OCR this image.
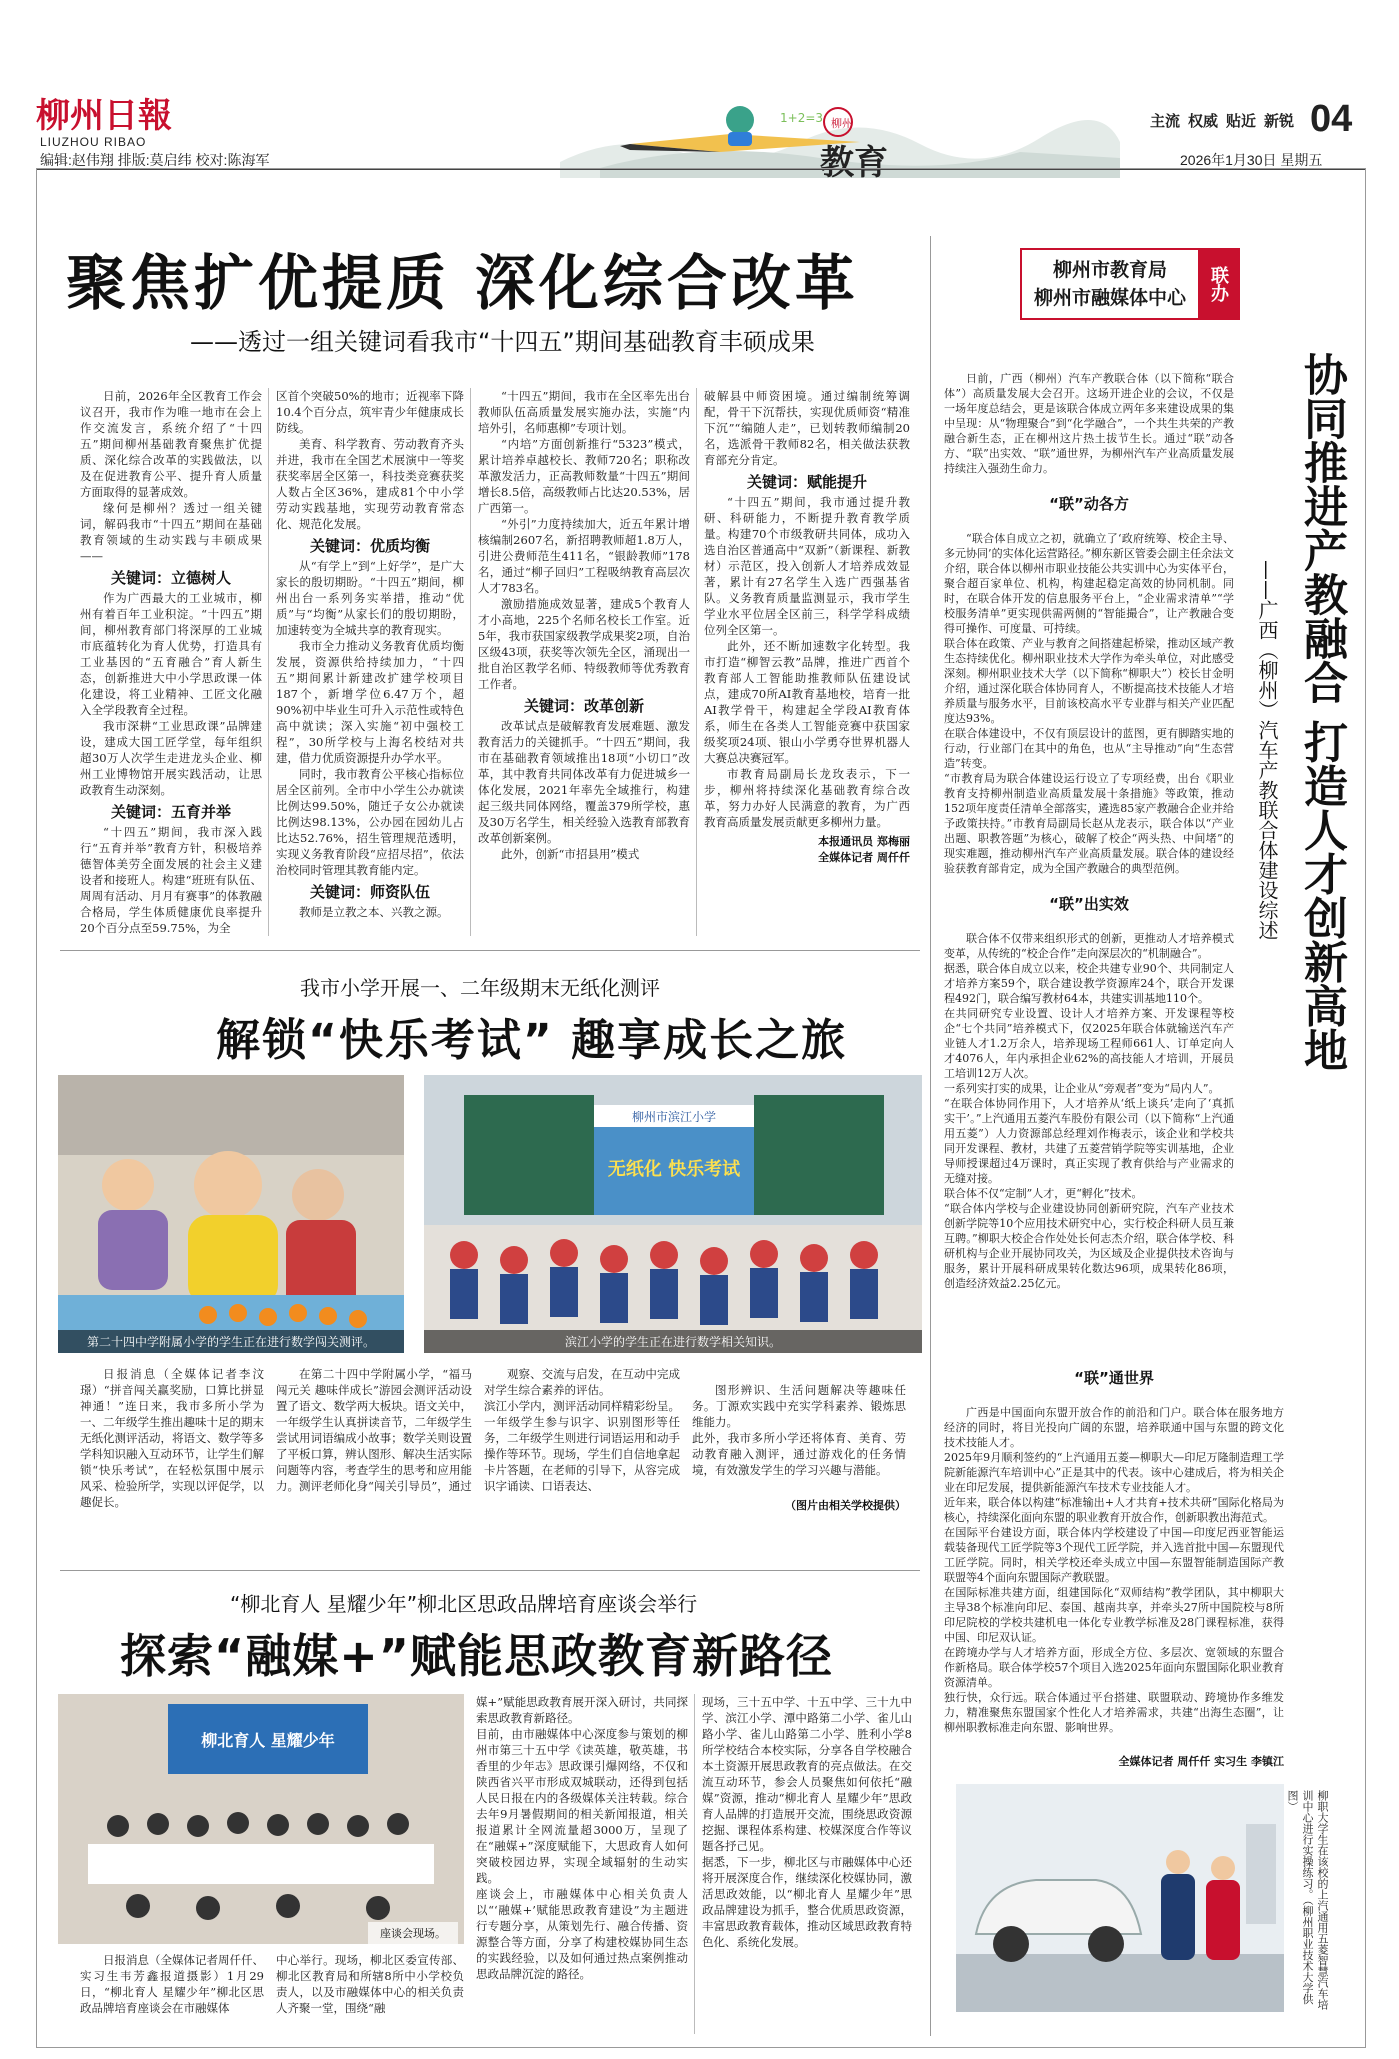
柳州日報
LIUZHOU RIBAO
1+2=3 柳州
教育
主流 权威 贴近 新锐 04
编辑:赵伟翔 排版:莫启纬 校对:陈海军	2026年1月30日 星期五
聚焦扩优提质 深化综合改革
——透过一组关键词看我市“十四五”期间基础教育丰硕成果
柳州市教育局
柳州市融媒体中心 联办

日前，2026年全区教育工作会议召开，我市作为唯一地市在会上作交流发言，系统介绍了“十四五”期间柳州基础教育聚焦扩优提质、深化综合改革的实践做法，以及在促进教育公平、提升育人质量方面取得的显著成效。

缘何是柳州？透过一组关键词，解码我市“十四五”期间在基础教育领域的生动实践与丰硕成果——

关键词：立德树人

作为广西最大的工业城市，柳州有着百年工业积淀。“十四五”期间，柳州教育部门将深厚的工业城市底蕴转化为育人优势，打造具有工业基因的“五育融合”育人新生态，创新推进大中小学思政课一体化建设，将工业精神、工匠文化融入全学段教育全过程。

我市深耕“工业思政课”品牌建设，建成大国工匠学堂，每年组织超30万人次学生走进龙头企业、柳州工业博物馆开展实践活动，让思政教育生动深刻。

关键词：五育并举

“十四五”期间，我市深入践行“五育并举”教育方针，积极培养德智体美劳全面发展的社会主义建设者和接班人。构建“班班有队伍、周周有活动、月月有赛事”的体教融合格局，学生体质健康优良率提升20个百分点至59.75%，为全

区首个突破50%的地市；近视率下降10.4个百分点，筑牢青少年健康成长防线。

美育、科学教育、劳动教育齐头并进，我市在全国艺术展演中一等奖获奖率居全区第一，科技类竞赛获奖人数占全区36%，建成81个中小学劳动实践基地，实现劳动教育常态化、规范化发展。

关键词：优质均衡

从“有学上”到“上好学”，是广大家长的殷切期盼。“十四五”期间，柳州出台一系列务实举措，推动“优质”与“均衡”从家长们的殷切期盼，加速转变为全城共享的教育现实。

我市全力推动义务教育优质均衡发展，资源供给持续加力，“十四五”期间累计新建改扩建学校项目187个，新增学位6.47万个，超90%初中毕业生可升入示范性或特色高中就读；深入实施“初中强校工程”，30所学校与上海名校结对共建，借力优质资源提升办学水平。

同时，我市教育公平核心指标位居全区前列。全市中小学生公办就读比例达99.50%，随迁子女公办就读比例达98.13%，公办园在园幼儿占比达52.76%，招生管理规范透明，实现义务教育阶段“应招尽招”，依法治校同时管理其教育能内定。

关键词：师资队伍

教师是立教之本、兴教之源。

“十四五”期间，我市在全区率先出台教师队伍高质量发展实施办法，实施“内培外引，名师惠柳”专项计划。

“内培”方面创新推行“5323”模式，累计培养卓越校长、教师720名；职称改革激发活力，正高教师数量“十四五”期间增长8.5倍，高级教师占比达20.53%，居广西第一。

“外引”力度持续加大，近五年累计增核编制2607名，新招聘教师超1.8万人，引进公费师范生411名，“银龄教师”178名，通过“柳子回归”工程吸纳教育高层次人才783名。

激励措施成效显著，建成5个教育人才小高地，225个名师名校长工作室。近5年，我市获国家级教学成果奖2项，自治区级43项，获奖等次领先全区，涌现出一批自治区教学名师、特级教师等优秀教育工作者。

关键词：改革创新

改革试点是破解教育发展难题、激发教育活力的关键抓手。“十四五”期间，我市在基础教育领域推出18项“小切口”改革，其中教育共同体改革有力促进城乡一体化发展，2021年率先全域推行，构建起三级共同体网络，覆盖379所学校，惠及30万名学生，相关经验入选教育部教育改革创新案例。

此外，创新“市招县用”模式

破解县中师资困境。通过编制统筹调配，骨干下沉帮扶，实现优质师资“精准下沉”“编随人走”，已划转教师编制20名，选派骨干教师82名，相关做法获教育部充分肯定。

关键词：赋能提升

“十四五”期间，我市通过提升教研、科研能力，不断提升教育教学质量。构建70个市级教研共同体，成功入选自治区普通高中“双新”（新课程、新教材）示范区，投入创新人才培养成效显著，累计有27名学生入选广西强基省队。义务教育质量监测显示，我市学生学业水平位居全区前三，科学学科成绩位列全区第一。

此外，还不断加速数字化转型。我市打造“柳智云教”品牌，推进广西首个教育部人工智能助推教师队伍建设试点，建成70所AI教育基地校，培育一批AI教学骨干，构建起全学段AI教育体系，师生在各类人工智能竞赛中获国家级奖项24项、银山小学勇夺世界机器人大赛总决赛冠军。

市教育局副局长龙玫表示，下一步，柳州将持续深化基础教育综合改革，努力办好人民满意的教育，为广西教育高质量发展贡献更多柳州力量。

本报通讯员 郑梅丽
全媒体记者 周仟仟
我市小学开展一、二年级期末无纸化测评
解锁“快乐考试” 趣享成长之旅
第二十四中学附属小学的学生正在进行数学闯关测评。
柳州市滨江小学
无纸化 快乐考试
滨江小学的学生正在进行数学相关知识。

日报消息（全媒体记者李汶璟）“拼音闯关赢奖励，口算比拼显神通！”连日来，我市多所小学为一、二年级学生推出趣味十足的期末无纸化测评活动，将语文、数学等多学科知识融入互动环节，让学生们解锁“快乐考试”，在轻松氛围中展示风采、检验所学，实现以评促学，以趣促长。

在第二十四中学附属小学，“福马闯元关 趣味伴成长”游园会测评活动设置了语文、数学两大板块。语文关中，一年级学生认真拼读音节，二年级学生尝试用词语编成小故事；数学关则设置了平板口算，辨认图形、解决生活实际问题等内容，考查学生的思考和应用能力。测评老师化身“闯关引导员”，通过

观察、交流与启发，在互动中完成对学生综合素养的评估。
滨江小学内，测评活动同样精彩纷呈。一年级学生参与识字、识别图形等任务，二年级学生则进行词语运用和动手操作等环节。现场，学生们自信地拿起卡片答题，在老师的引导下，从容完成识字诵读、口语表达、

图形辨识、生活问题解决等趣味任务。丁源欢实践中充实学科素养、锻炼思维能力。
此外，我市多所小学还将体育、美育、劳动教育融入测评，通过游戏化的任务情境，有效激发学生的学习兴趣与潜能。

（图片由相关学校提供）

“柳北育人 星耀少年”柳北区思政品牌培育座谈会举行
探索“融媒+”赋能思政教育新路径
柳北育人 星耀少年
座谈会现场。

日报消息（全媒体记者周仟仟、实习生韦芳鑫报道摄影）1月29日，“柳北育人 星耀少年”柳北区思政品牌培育座谈会在市融媒体

中心举行。现场，柳北区委宣传部、柳北区教育局和所辖8所中小学校负责人，以及市融媒体中心的相关负责人齐聚一堂，围绕“融

媒+”赋能思政教育展开深入研讨，共同探索思政教育新路径。
目前，由市融媒体中心深度参与策划的柳州市第三十五中学《读英雄，敬英雄，书香里的少年志》思政课引爆网络，不仅和陕西省兴平市形成双城联动，还得到包括人民日报在内的各级媒体关注转载。综合去年9月暑假期间的相关新闻报道，相关报道累计全网流量超3000万，呈现了在“融媒+”深度赋能下，大思政育人如何突破校园边界，实现全域辐射的生动实践。
座谈会上，市融媒体中心相关负责人以“‘融媒+’赋能思政教育建设”为主题进行专题分享，从策划先行、融合传播、资源整合等方面，分享了构建校媒协同生态的实践经验，以及如何通过热点案例推动思政品牌沉淀的路径。

现场，三十五中学、十五中学、三十九中学、滨江小学、潭中路第二小学、雀儿山路小学、雀儿山路第二小学、胜利小学8所学校结合本校实际，分享各自学校融合本土资源开展思政教育的亮点做法。在交流互动环节，参会人员聚焦如何依托“融媒”资源，推动“柳北育人 星耀少年”思政育人品牌的打造展开交流，围绕思政资源挖掘、课程体系构建、校媒深度合作等议题各抒己见。
据悉，下一步，柳北区与市融媒体中心还将开展深度合作，继续深化校媒协同，激活思政效能，以“柳北育人 星耀少年”思政品牌建设为抓手，整合优质思政资源，丰富思政教育载体，推动区域思政教育特色化、系统化发展。

协同推进产教融合 打造人才创新高地
——广西（柳州）汽车产教联合体建设综述

日前，广西（柳州）汽车产教联合体（以下简称“联合体”）高质量发展大会召开。这场开进企业的会议，不仅是一场年度总结会，更是该联合体成立两年多来建设成果的集中呈现：从“物理聚合”到“化学融合”，一个共生共荣的产教融合新生态，正在柳州这片热土拔节生长。通过“联”动各方、“联”出实效、“联”通世界，为柳州汽车产业高质量发展持续注入强劲生命力。

“联”动各方

“联合体自成立之初，就确立了‘政府统筹、校企主导、多元协同’的实体化运营路径。”柳东新区管委会副主任余法文介绍，联合体以柳州市职业技能公共实训中心为实体平台，聚合超百家单位、机构，构建起稳定高效的协同机制。同时，在联合体开发的信息服务平台上，“企业需求清单”“学校服务清单”更实现供需两侧的“智能撮合”，让产教融合变得可操作、可度量、可持续。
联合体在政策、产业与教育之间搭建起桥梁，推动区域产教生态持续优化。柳州职业技术大学作为牵头单位，对此感受深刻。柳州职业技术大学（以下简称“柳职大”）校长甘金明介绍，通过深化联合体协同育人，不断提高技术技能人才培养质量与服务水平，目前该校高水平专业群与相关产业匹配度达93%。
在联合体建设中，不仅有顶层设计的蓝图，更有脚踏实地的行动，行业部门在其中的角色，也从“主导推动”向“生态营造”转变。
“市教育局为联合体建设运行设立了专项经费，出台《职业教育支持柳州制造业高质量发展十条措施》等政策，推动152项年度责任清单全部落实，遴选85家产教融合企业并给予政策扶持。”市教育局副局长赵从龙表示，联合体以“产业出题、职教答题”为核心，破解了校企“两头热、中间堵”的现实难题，推动柳州汽车产业高质量发展。联合体的建设经验获教育部肯定，成为全国产教融合的典型范例。

“联”出实效

联合体不仅带来组织形式的创新，更推动人才培养模式变革，从传统的“校企合作”走向深层次的“机制融合”。
据悉，联合体自成立以来，校企共建专业90个、共同制定人才培养方案59个，联合建设教学资源库24个，联合开发课程492门，联合编写教材64本，共建实训基地110个。
在共同研究专业设置、设计人才培养方案、开发课程等校企“七个共同”培养模式下，仅2025年联合体就输送汽车产业链人才1.2万余人，培养现场工程师661人、订单定向人才4076人，年内承担企业62%的高技能人才培训，开展员工培训12万人次。
一系列实打实的成果，让企业从“旁观者”变为“局内人”。
“在联合体协同作用下，人才培养从‘纸上谈兵’走向了‘真抓实干’。”上汽通用五菱汽车股份有限公司（以下简称“上汽通用五菱”）人力资源部总经理刘作梅表示，该企业和学校共同开发课程、教材，共建了五菱营销学院等实训基地，企业导师授课超过4万课时，真正实现了教育供给与产业需求的无缝对接。
联合体不仅“定制”人才，更“孵化”技术。
“联合体内学校与企业建设协同创新研究院，汽车产业技术创新学院等10个应用技术研究中心，实行校企科研人员互兼互聘。”柳职大校企合作处处长何志杰介绍，联合体学校、科研机构与企业开展协同攻关，为区域及企业提供技术咨询与服务，累计开展科研成果转化数达96项，成果转化86项，创造经济效益2.25亿元。

“联”通世界

广西是中国面向东盟开放合作的前沿和门户。联合体在服务地方经济的同时，将目光投向广阔的东盟，培养联通中国与东盟的跨文化技术技能人才。
2025年9月顺利签约的“上汽通用五菱—柳职大—印尼万隆制造理工学院新能源汽车培训中心”正是其中的代表。该中心建成后，将为相关企业在印尼发展，提供新能源汽车技术专业技能人才。
近年来，联合体以构建“标准输出+人才共育+技术共研”国际化格局为核心，持续深化面向东盟的职业教育开放合作，创新职教出海范式。
在国际平台建设方面，联合体内学校建设了中国—印度尼西亚智能运载装备现代工匠学院等3个现代工匠学院，并入选首批中国—东盟现代工匠学院。同时，相关学校还牵头成立中国—东盟智能制造国际产教联盟等4个面向东盟国际产教联盟。
在国际标准共建方面，组建国际化“双师结构”教学团队，其中柳职大主导38个标准向印尼、泰国、越南共享，并牵头27所中国院校与8所印尼院校的学校共建机电一体化专业教学标准及28门课程标准，获得中国、印尼双认证。
在跨境办学与人才培养方面，形成全方位、多层次、宽领域的东盟合作新格局。联合体学校57个项目入选2025年面向东盟国际化职业教育资源清单。
独行快，众行远。联合体通过平台搭建、联盟联动、跨境协作多维发力，精准聚焦东盟国家个性化人才培养需求，共建“出海生态圈”，让柳州职教标准走向东盟、影响世界。

全媒体记者 周仟仟 实习生 李镇江

柳职大学生在该校的上汽通用五菱智慧汽车培训中心进行实操练习。（柳州职业技术大学供图）
